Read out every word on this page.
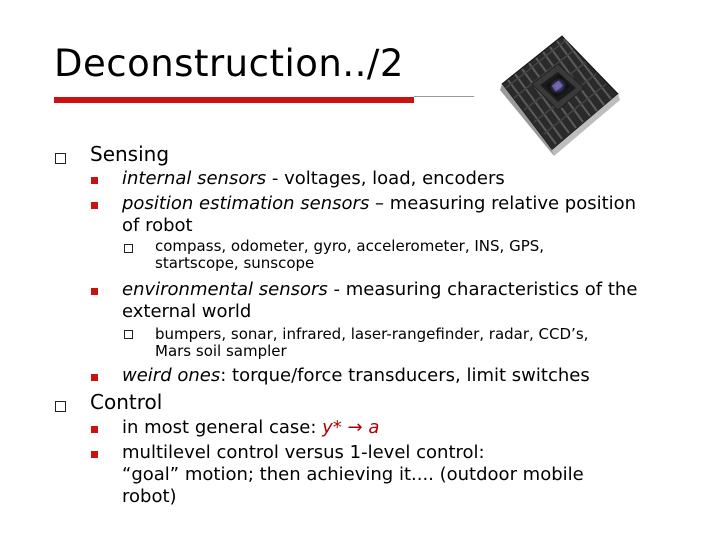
Deconstruction../2
Sensing
internal sensors - voltages, load, encoders
position estimation sensors – measuring relative position
of robot
compass, odometer, gyro, accelerometer, INS, GPS,
startscope, sunscope
environmental sensors - measuring characteristics of the
external world
bumpers, sonar, infrared, laser-rangefinder, radar, CCD’s,
Mars soil sampler
weird ones: torque/force transducers, limit switches
Control
in most general case: y* → a
multilevel control versus 1-level control:
“goal” motion; then achieving it.... (outdoor mobile
robot)
